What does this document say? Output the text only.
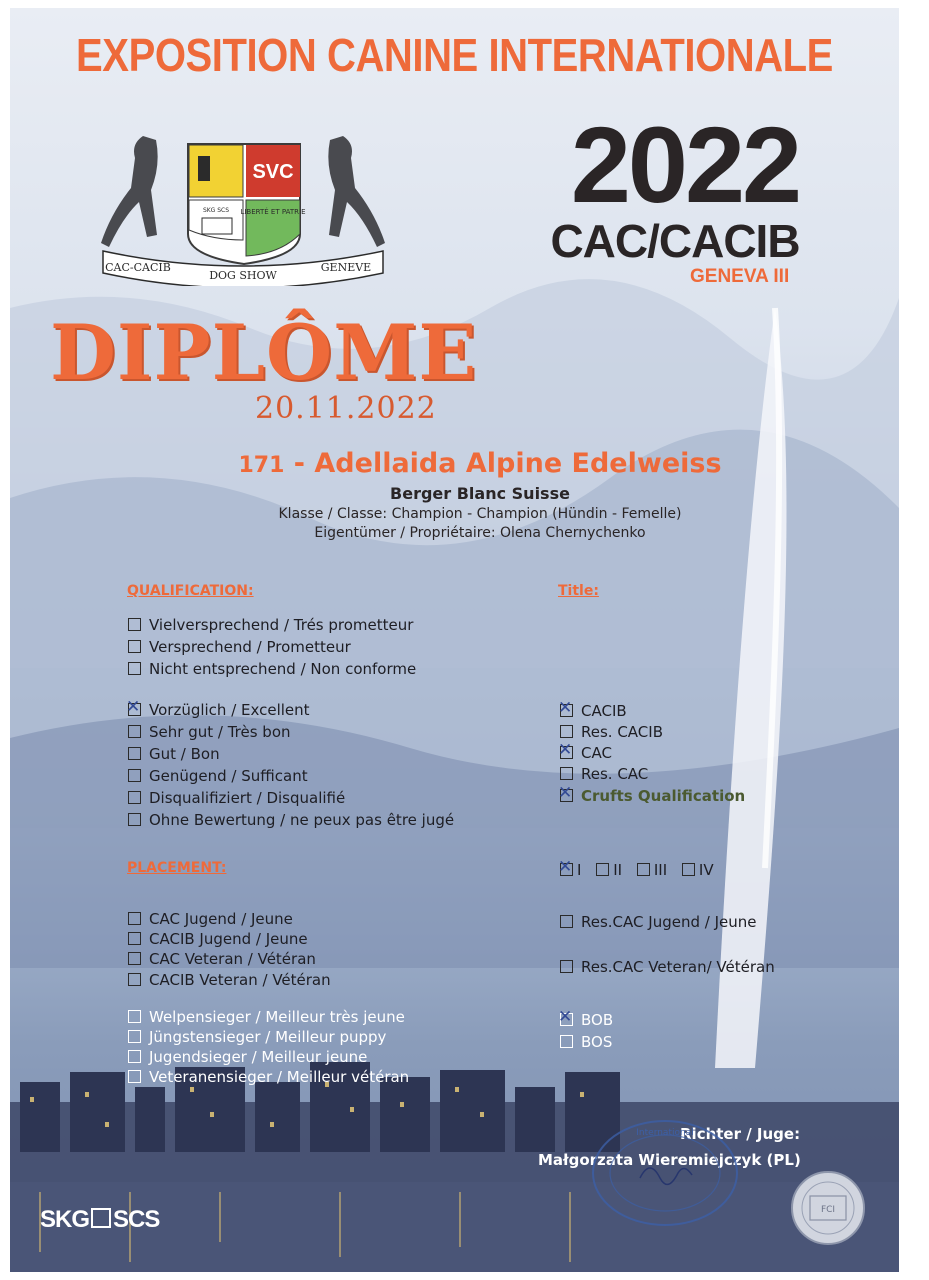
EXPOSITION CANINE INTERNATIONALE
SVC
LIBERTÉ ET PATRIE
SKG SCS
CAC-CACIB
DOG SHOW
GENEVE
2022
CAC/CACIB
GENEVA III
DIPLÔME
20.11.2022
171 - Adellaida Alpine Edelweiss
Berger Blanc Suisse
Klasse / Classe: Champion - Champion (Hündin - Femelle)
Eigentümer / Propriétaire: Olena Chernychenko
QUALIFICATION:
Vielversprechend / Trés prometteur
Versprechend / Prometteur
Nicht entsprechend / Non conforme
✕Vorzüglich / Excellent
Sehr gut / Très bon
Gut / Bon
Genügend / Sufficant
Disqualifiziert / Disqualifié
Ohne Bewertung / ne peux pas être jugé
Title:
✕CACIB
Res. CACIB
✕CAC
Res. CAC
✕Crufts Qualification
PLACEMENT:
✕	I II III IV
CAC Jugend / Jeune
CACIB Jugend / Jeune
CAC Veteran / Vétéran
CACIB Veteran / Vétéran
Res.CAC Jugend / Jeune
Res.CAC Veteran/ Vétéran
Welpensieger / Meilleur très jeune
Jüngstensieger / Meilleur puppy
Jugendsieger / Meilleur jeune
Veteranensieger / Meilleur vétéran
✕BOB
BOS
Richter / Juge:
Małgorzata Wieremiejczyk (PL)
International
FCI
SKG SCS
